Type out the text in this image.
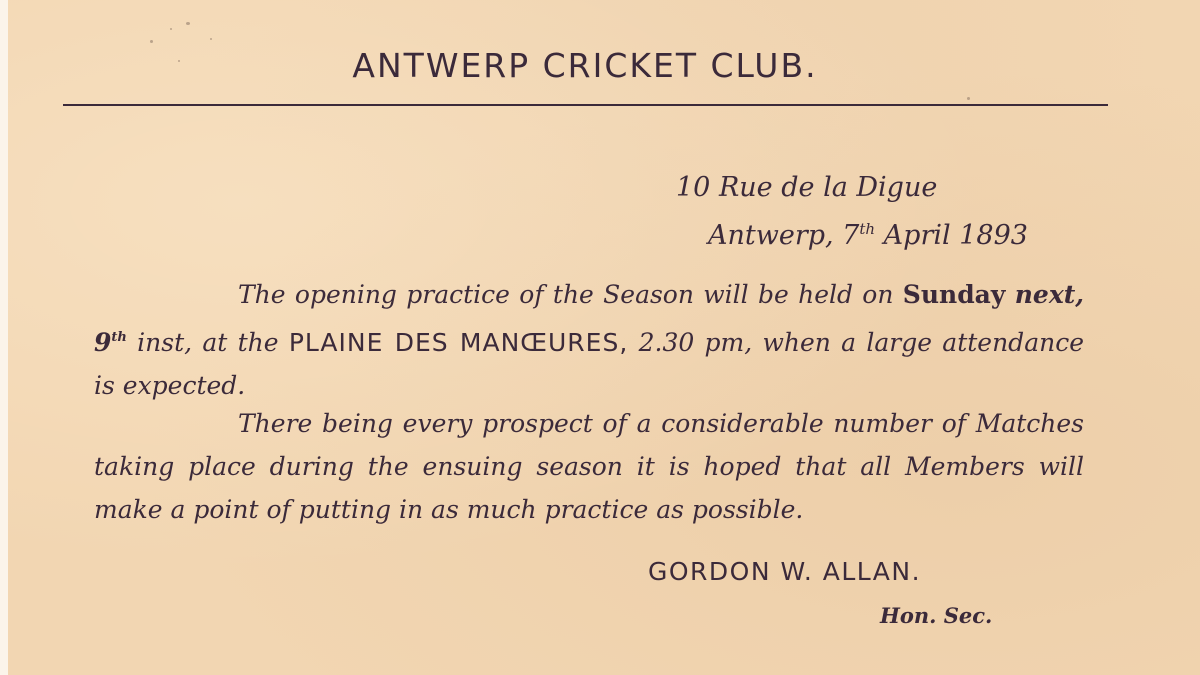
ANTWERP CRICKET CLUB.
10 Rue de la Digue
Antwerp, 7th April 1893
The opening practice of the Season will be held on Sunday next, 9th inst, at the PLAINE DES MANŒURES, 2.30 pm, when a large attendance is expected.
There being every prospect of a considerable number of Matches taking place during the ensuing season it is hoped that all Members will make a point of putting in as much practice as possible.
GORDON W. ALLAN.
Hon. Sec.
